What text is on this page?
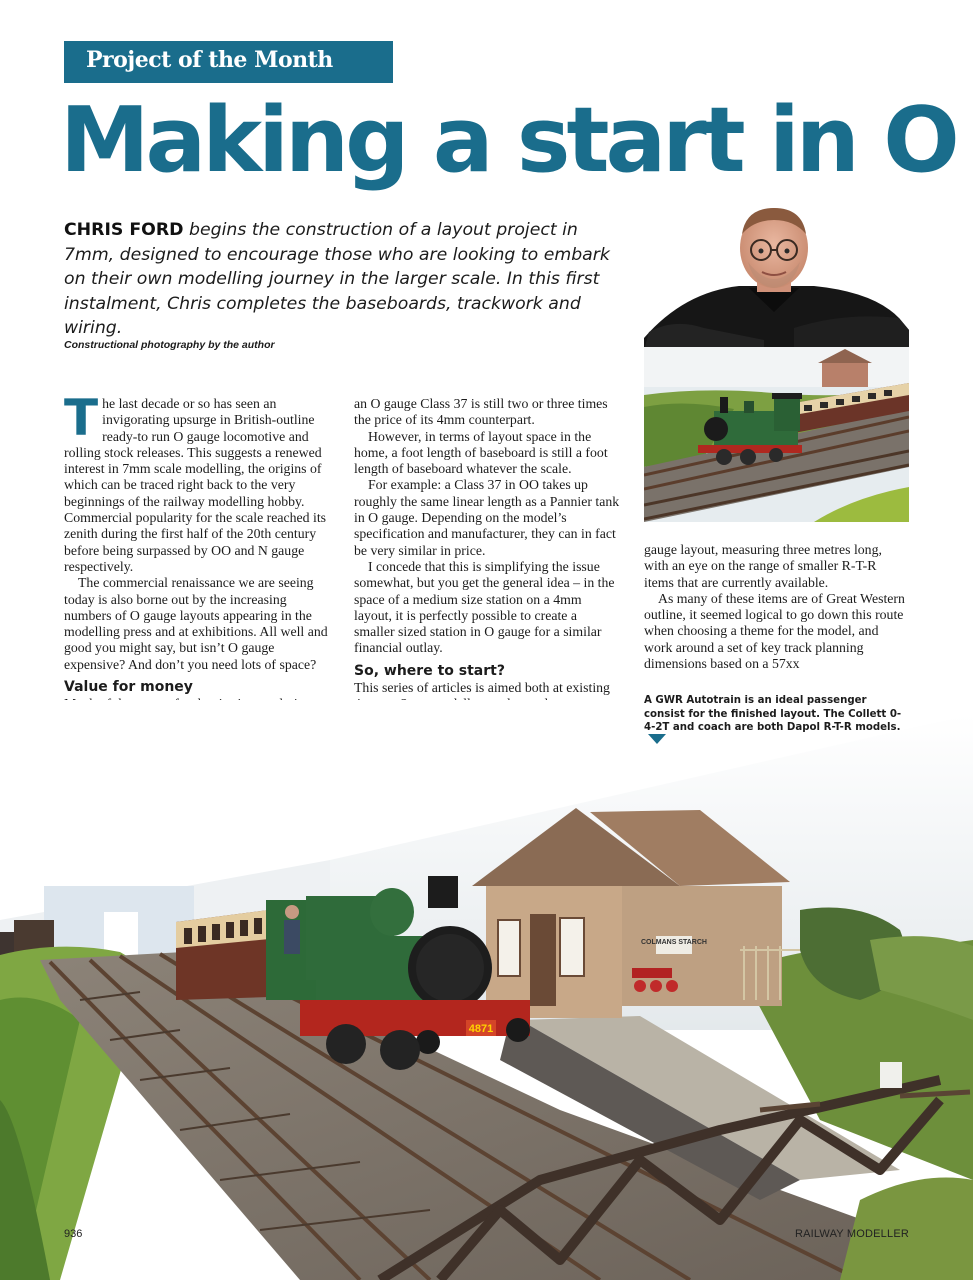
Project of the Month
Making a start in O

CHRIS FORD begins the construction of a layout project in 7mm, designed to encourage those who are looking to embark on their own modelling journey in the larger scale. In this first instalment, Chris completes the baseboards, trackwork and wiring.

Constructional photography by the author

The last decade or so has seen an invigorating upsurge in British-outline ready-to run O gauge locomotive and rolling stock releases. This suggests a renewed interest in 7mm scale modelling, the origins of which can be traced right back to the very beginnings of the railway modelling hobby. Commercial popularity for the scale reached its zenith during the first half of the 20th century before being surpassed by OO and N gauge respectively.

The commercial renaissance we are seeing today is also borne out by the increasing numbers of O gauge layouts appearing in the modelling press and at exhibitions. All well and good you might say, but isn’t O gauge expensive? And don’t you need lots of space?

Value for money

an O gauge Class 37 is still two or three times the price of its 4mm counterpart.

However, in terms of layout space in the home, a foot length of baseboard is still a foot length of baseboard whatever the scale.

For example: a Class 37 in OO takes up roughly the same linear length as a Pannier tank in O gauge. Depending on the model’s specification and manufacturer, they can in fact be very similar in price.

I concede that this is simplifying the issue somewhat, but you get the general idea – in the space of a medium size station on a 4mm layout, it is perfectly possible to create a smaller sized station in O gauge for a similar financial outlay.

So, where to start?

This series of articles is aimed both at existing

gauge layout, measuring three metres long, with an eye on the range of smaller R-T-R items that are currently available.

As many of these items are of Great Western outline, it seemed logical to go down this route when choosing a theme for the model, and work around a set of key track planning dimensions based on a 57xx

COLMANS STARCH
4871
A GWR Autotrain is an ideal passenger consist for the finished layout. The Collett 0-4-2T and coach are both Dapol R-T-R models.
936	RAILWAY MODELLER
